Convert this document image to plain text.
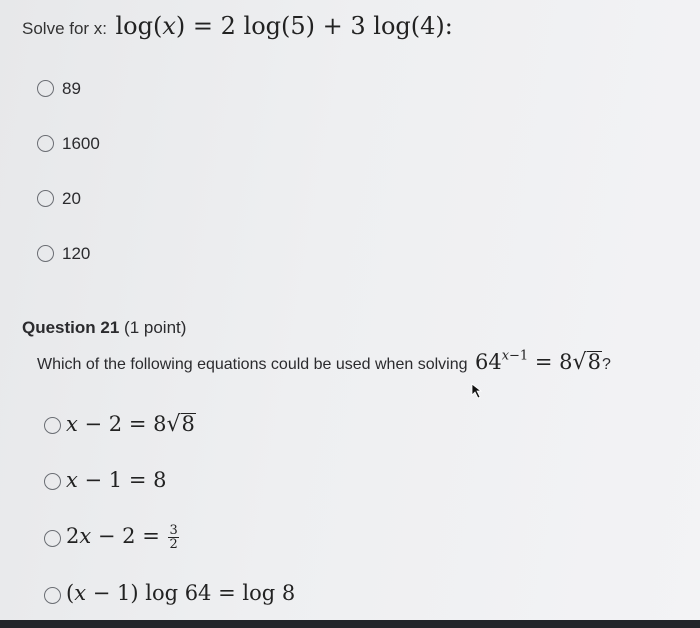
Solve for x: log(x) = 2 log(5) + 3 log(4):
89
1600
20
120
Question 21 (1 point)
Which of the following equations could be used when solving $64^{x-1} = 8√8$?
x − 2 = 8√8
x − 1 = 8
$2x - 2 = \frac{3}{2}$
(x − 1) log 64 = log 8
